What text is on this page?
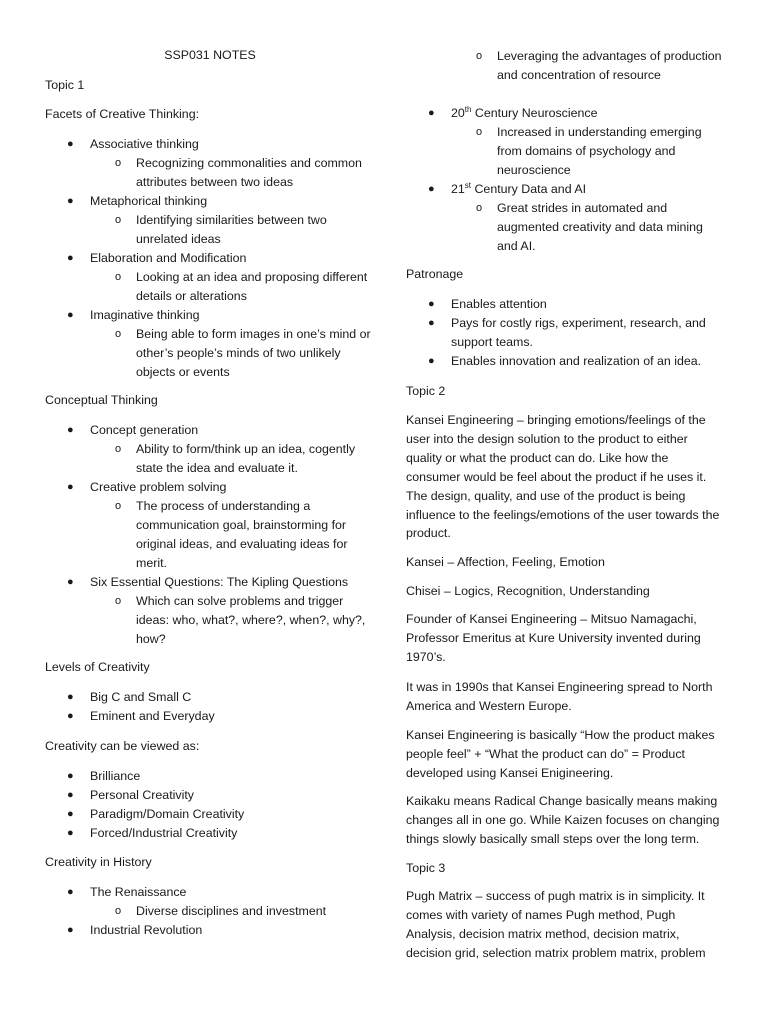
SSP031 NOTES
Topic 1
Facets of Creative Thinking:
● Associative thinking
o Recognizing commonalities and common attributes between two ideas
● Metaphorical thinking
o Identifying similarities between two unrelated ideas
● Elaboration and Modification
o Looking at an idea and proposing different details or alterations
● Imaginative thinking
o Being able to form images in one’s mind or other’s people’s minds of two unlikely objects or events
Conceptual Thinking
● Concept generation
o Ability to form/think up an idea, cogently state the idea and evaluate it.
● Creative problem solving
o The process of understanding a communication goal, brainstorming for original ideas, and evaluating ideas for merit.
● Six Essential Questions: The Kipling Questions
o Which can solve problems and trigger ideas: who, what?, where?, when?, why?, how?
Levels of Creativity
● Big C and Small C
● Eminent and Everyday
Creativity can be viewed as:
● Brilliance
● Personal Creativity
● Paradigm/Domain Creativity
● Forced/Industrial Creativity
Creativity in History
● The Renaissance
o Diverse disciplines and investment
● Industrial Revolution
o Leveraging the advantages of production and concentration of resource
● 20th Century Neuroscience
o Increased in understanding emerging from domains of psychology and neuroscience
● 21st Century Data and AI
o Great strides in automated and augmented creativity and data mining and AI.
Patronage
● Enables attention
● Pays for costly rigs, experiment, research, and support teams.
● Enables innovation and realization of an idea.
Topic 2
Kansei Engineering – bringing emotions/feelings of the user into the design solution to the product to either quality or what the product can do. Like how the consumer would be feel about the product if he uses it. The design, quality, and use of the product is being influence to the feelings/emotions of the user towards the product.
Kansei – Affection, Feeling, Emotion
Chisei – Logics, Recognition, Understanding
Founder of Kansei Engineering – Mitsuo Namagachi, Professor Emeritus at Kure University invented during 1970’s.
It was in 1990s that Kansei Engineering spread to North America and Western Europe.
Kansei Engineering is basically “How the product makes people feel” + “What the product can do” = Product developed using Kansei Enigineering.
Kaikaku means Radical Change basically means making changes all in one go. While Kaizen focuses on changing things slowly basically small steps over the long term.
Topic 3
Pugh Matrix – success of pugh matrix is in simplicity. It comes with variety of names Pugh method, Pugh Analysis, decision matrix method, decision matrix, decision grid, selection matrix problem matrix, problem
